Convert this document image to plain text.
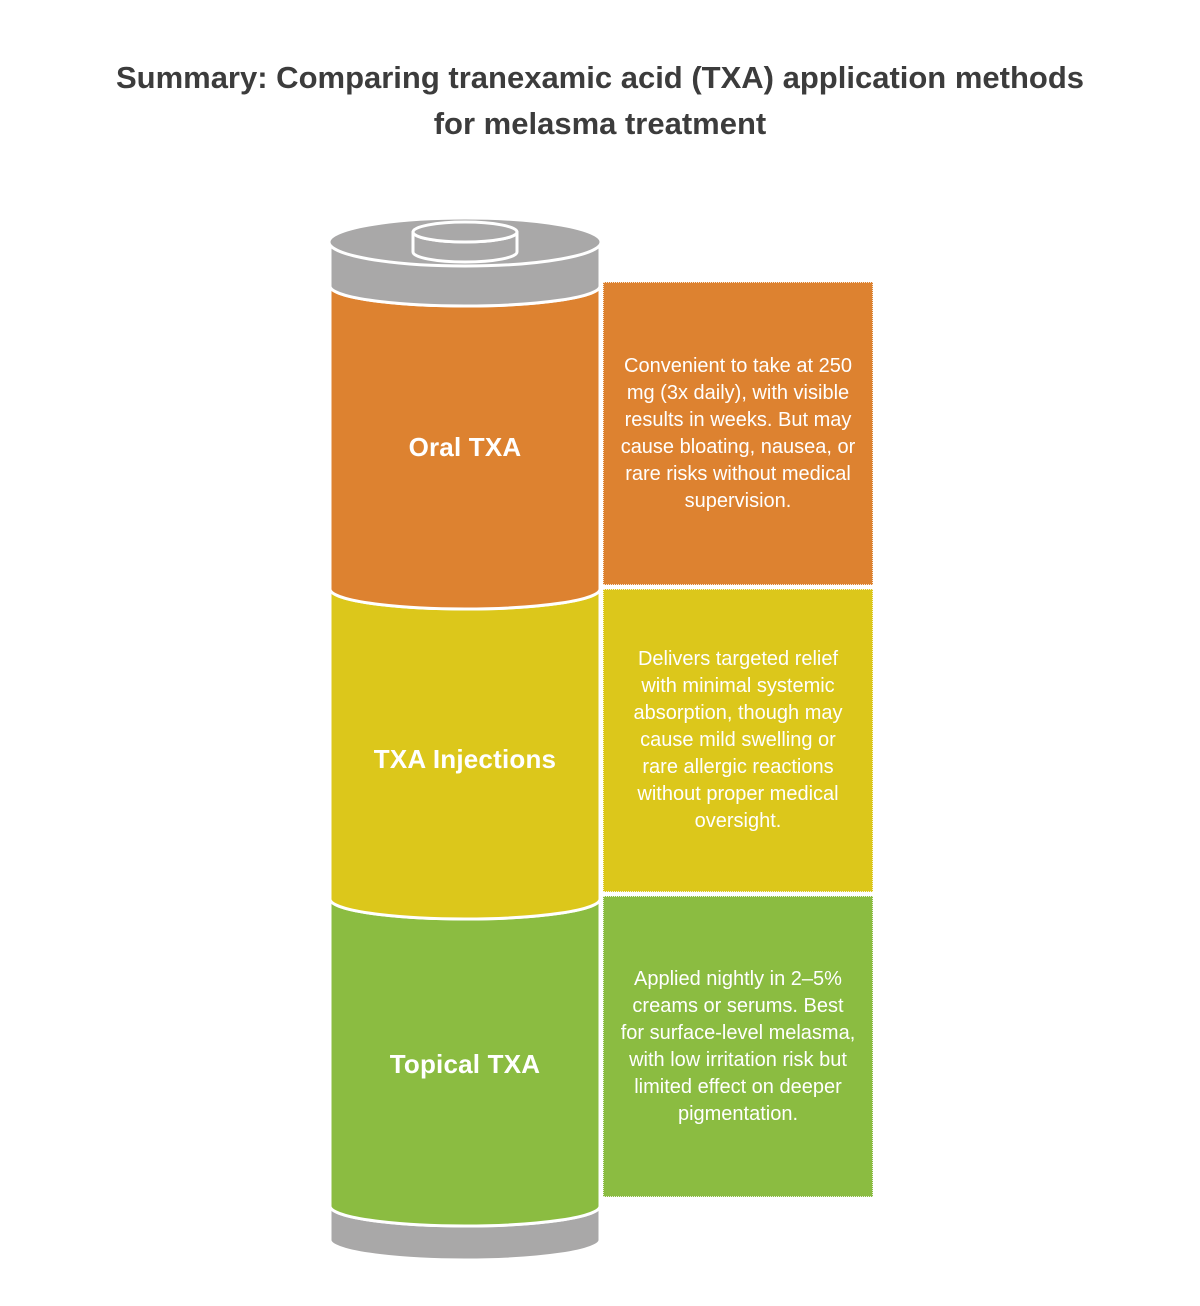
Summary: Comparing tranexamic acid (TXA) application methods for melasma treatment
Oral TXA
TXA Injections
Topical TXA
Convenient to take at 250 mg (3x daily), with visible results in weeks. But may cause bloating, nausea, or rare risks without medical supervision.
Delivers targeted relief with minimal systemic absorption, though may cause mild swelling or rare allergic reactions without proper medical oversight.
Applied nightly in 2–5% creams or serums. Best for surface-level melasma, with low irritation risk but limited effect on deeper pigmentation.
